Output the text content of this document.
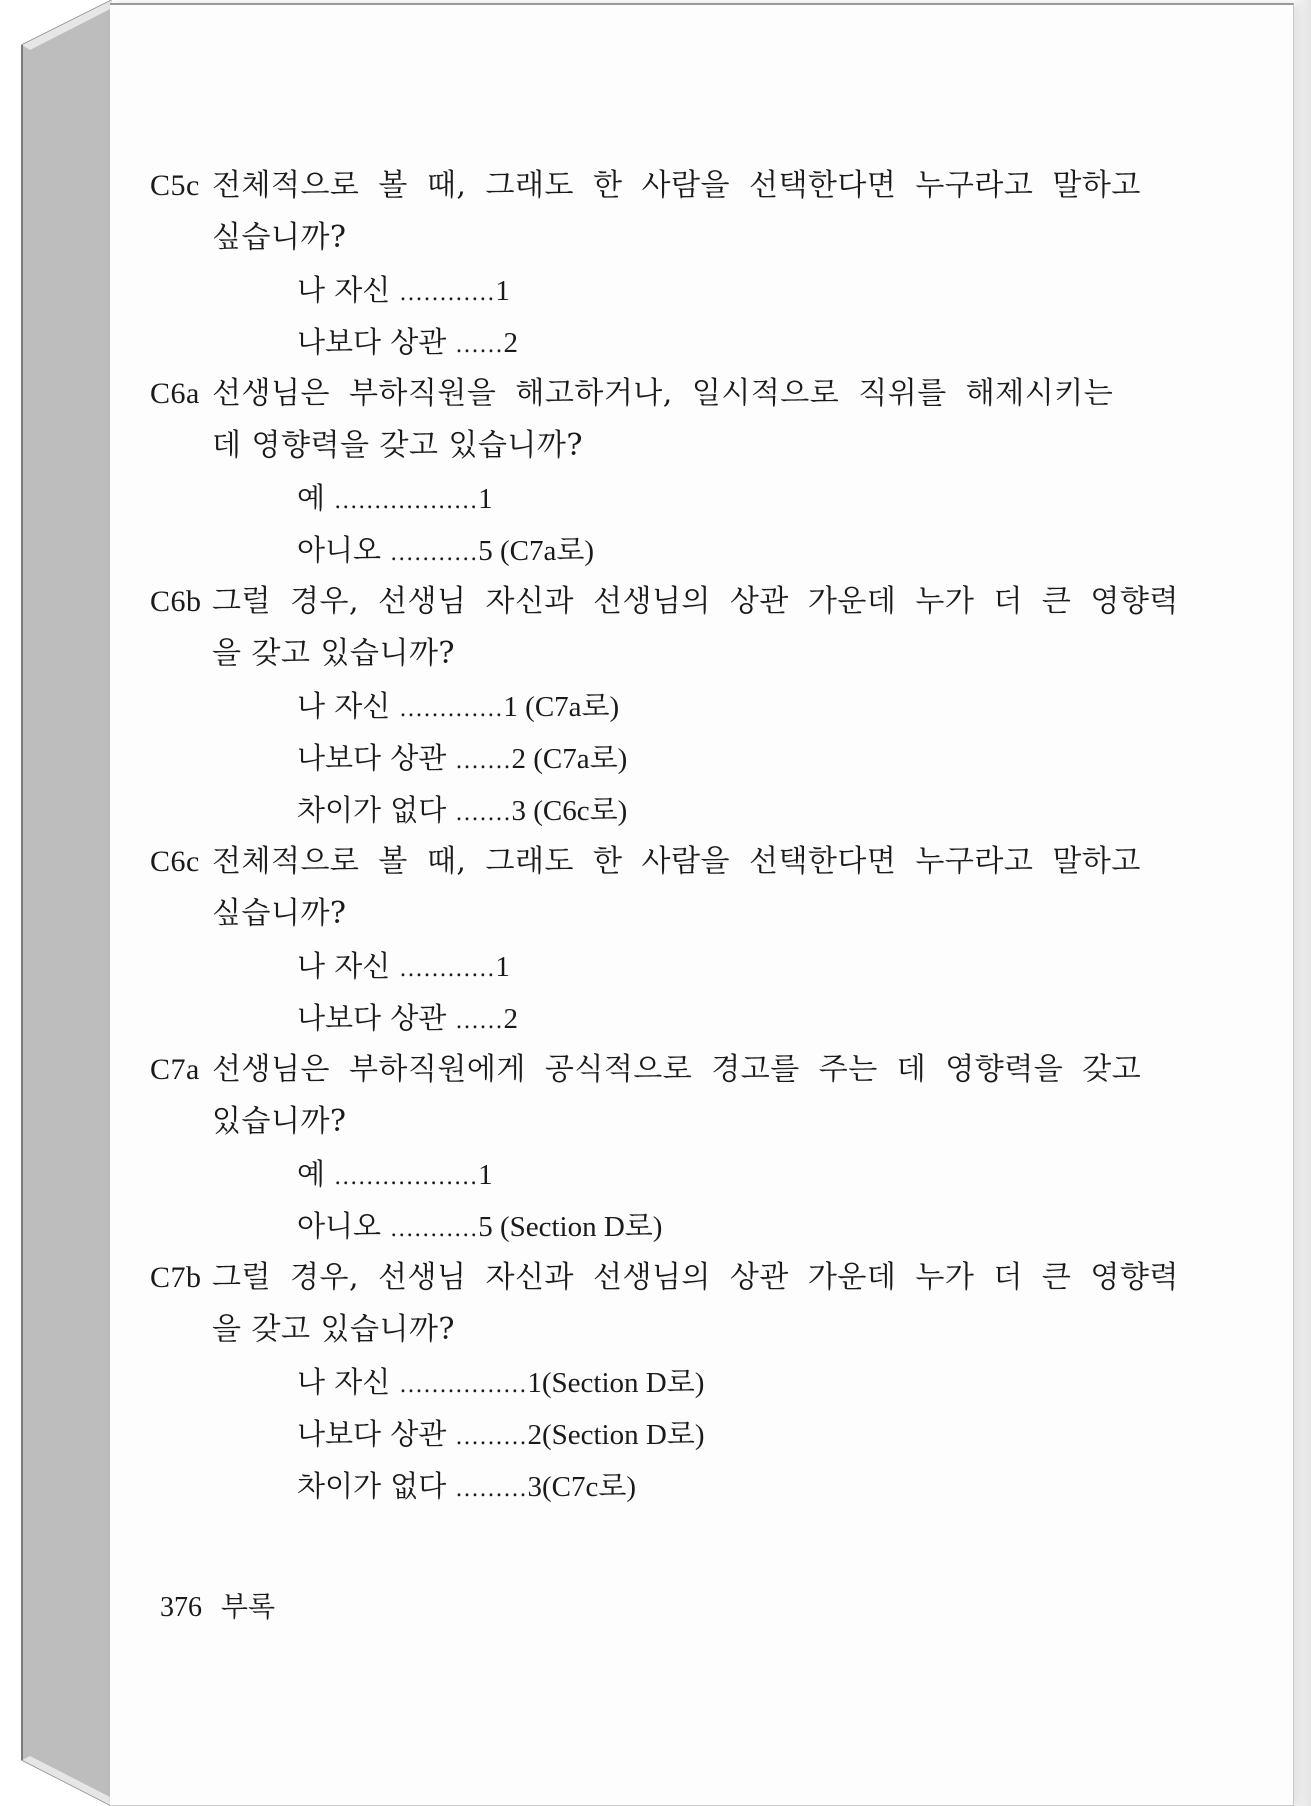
C5c 전체적으로 볼 때, 그래도 한 사람을 선택한다면 누구라고 말하고
싶습니까?
나 자신 ............1
나보다 상관 ......2
C6a 선생님은 부하직원을 해고하거나, 일시적으로 직위를 해제시키는
데 영향력을 갖고 있습니까?
예 ..................1
아니오 ...........5 (C7a로)
C6b 그럴 경우, 선생님 자신과 선생님의 상관 가운데 누가 더 큰 영향력
을 갖고 있습니까?
나 자신 .............1 (C7a로)
나보다 상관 .......2 (C7a로)
차이가 없다 .......3 (C6c로)
C6c 전체적으로 볼 때, 그래도 한 사람을 선택한다면 누구라고 말하고
싶습니까?
나 자신 ............1
나보다 상관 ......2
C7a 선생님은 부하직원에게 공식적으로 경고를 주는 데 영향력을 갖고
있습니까?
예 ..................1
아니오 ...........5 (Section D로)
C7b 그럴 경우, 선생님 자신과 선생님의 상관 가운데 누가 더 큰 영향력
을 갖고 있습니까?
나 자신 ................1(Section D로)
나보다 상관 .........2(Section D로)
차이가 없다 .........3(C7c로)
376 부록
